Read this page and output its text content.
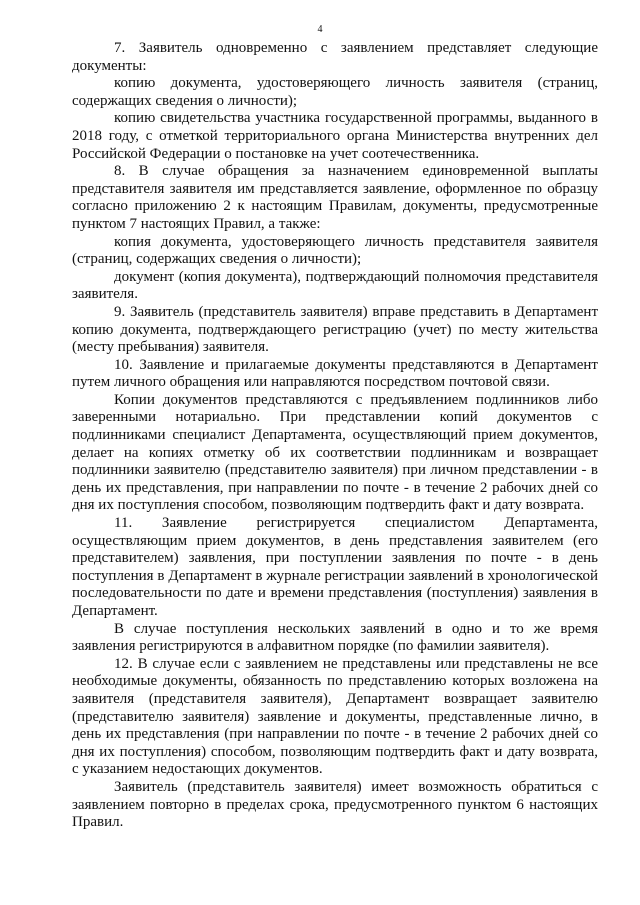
4

7. Заявитель одновременно с заявлением представляет следующие документы:

копию документа, удостоверяющего личность заявителя (страниц, содержащих сведения о личности);

копию свидетельства участника государственной программы, выданного в 2018 году, с отметкой территориального органа Министерства внутренних дел Российской Федерации о постановке на учет соотечественника.

8. В случае обращения за назначением единовременной выплаты представителя заявителя им представляется заявление, оформленное по образцу согласно приложению 2 к настоящим Правилам, документы, предусмотренные пунктом 7 настоящих Правил, а также:

копия документа, удостоверяющего личность представителя заявителя (страниц, содержащих сведения о личности);

документ (копия документа), подтверждающий полномочия представителя заявителя.

9. Заявитель (представитель заявителя) вправе представить в Департамент копию документа, подтверждающего регистрацию (учет) по месту жительства (месту пребывания) заявителя.

10. Заявление и прилагаемые документы представляются в Департамент путем личного обращения или направляются посредством почтовой связи.

Копии документов представляются с предъявлением подлинников либо заверенными нотариально. При представлении копий документов с подлинниками специалист Департамента, осуществляющий прием документов, делает на копиях отметку об их соответствии подлинникам и возвращает подлинники заявителю (представителю заявителя) при личном представлении - в день их представления, при направлении по почте - в течение 2 рабочих дней со дня их поступления способом, позволяющим подтвердить факт и дату возврата.

11. Заявление регистрируется специалистом Департамента, осуществляющим прием документов, в день представления заявителем (его представителем) заявления, при поступлении заявления по почте - в день поступления в Департамент в журнале регистрации заявлений в хронологической последовательности по дате и времени представления (поступления) заявления в Департамент.

В случае поступления нескольких заявлений в одно и то же время заявления регистрируются в алфавитном порядке (по фамилии заявителя).

12. В случае если с заявлением не представлены или представлены не все необходимые документы, обязанность по представлению которых возложена на заявителя (представителя заявителя), Департамент возвращает заявителю (представителю заявителя) заявление и документы, представленные лично, в день их представления (при направлении по почте - в течение 2 рабочих дней со дня их поступления) способом, позволяющим подтвердить факт и дату возврата, с указанием недостающих документов.

Заявитель (представитель заявителя) имеет возможность обратиться с заявлением повторно в пределах срока, предусмотренного пунктом 6 настоящих Правил.
